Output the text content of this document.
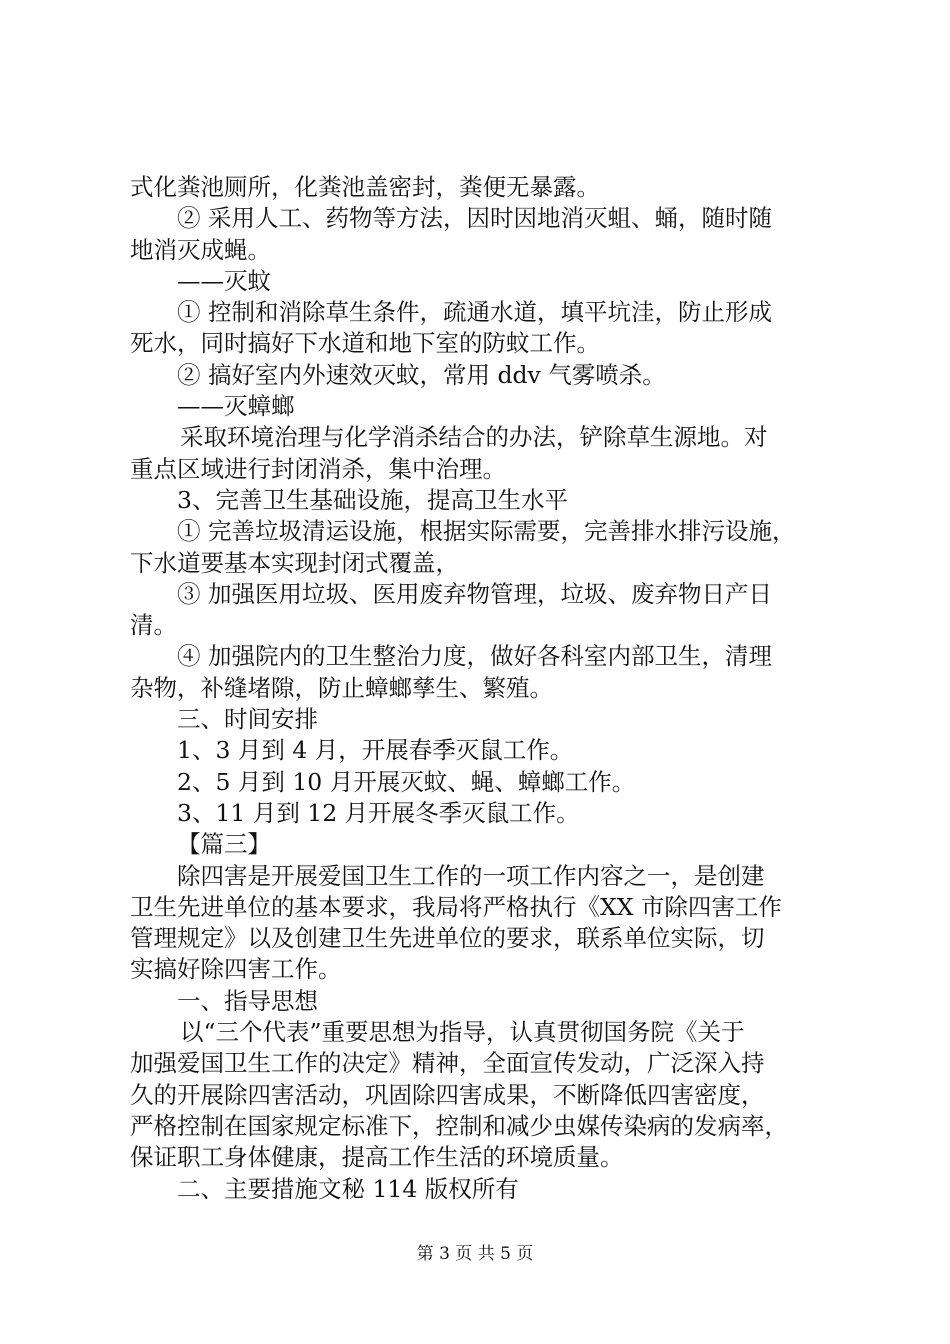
式化粪池厕所，化粪池盖密封，粪便无暴露。
② 采用人工、药物等方法，因时因地消灭蛆、蛹，随时随
地消灭成蝇。
——灭蚊
① 控制和消除草生条件，疏通水道，填平坑洼，防止形成
死水，同时搞好下水道和地下室的防蚊工作。
② 搞好室内外速效灭蚊，常用 ddv 气雾喷杀。
——灭蟑螂
采取环境治理与化学消杀结合的办法，铲除草生源地。对
重点区域进行封闭消杀，集中治理。
3、完善卫生基础设施，提高卫生水平
① 完善垃圾清运设施，根据实际需要，完善排水排污设施，
下水道要基本实现封闭式覆盖，
③ 加强医用垃圾、医用废弃物管理，垃圾、废弃物日产日
清。
④ 加强院内的卫生整治力度，做好各科室内部卫生，清理
杂物，补缝堵隙，防止蟑螂孳生、繁殖。
三、时间安排
1、3 月到 4 月，开展春季灭鼠工作。
2、5 月到 10 月开展灭蚊、蝇、蟑螂工作。
3、11 月到 12 月开展冬季灭鼠工作。
【篇三】
除四害是开展爱国卫生工作的一项工作内容之一，是创建
卫生先进单位的基本要求，我局将严格执行《XX 市除四害工作
管理规定》以及创建卫生先进单位的要求，联系单位实际，切
实搞好除四害工作。
一、指导思想
以“三个代表”重要思想为指导，认真贯彻国务院《关于
加强爱国卫生工作的决定》精神，全面宣传发动，广泛深入持
久的开展除四害活动，巩固除四害成果，不断降低四害密度，
严格控制在国家规定标准下，控制和减少虫媒传染病的发病率，
保证职工身体健康，提高工作生活的环境质量。
二、主要措施文秘 114 版权所有
第 3 页 共 5 页
